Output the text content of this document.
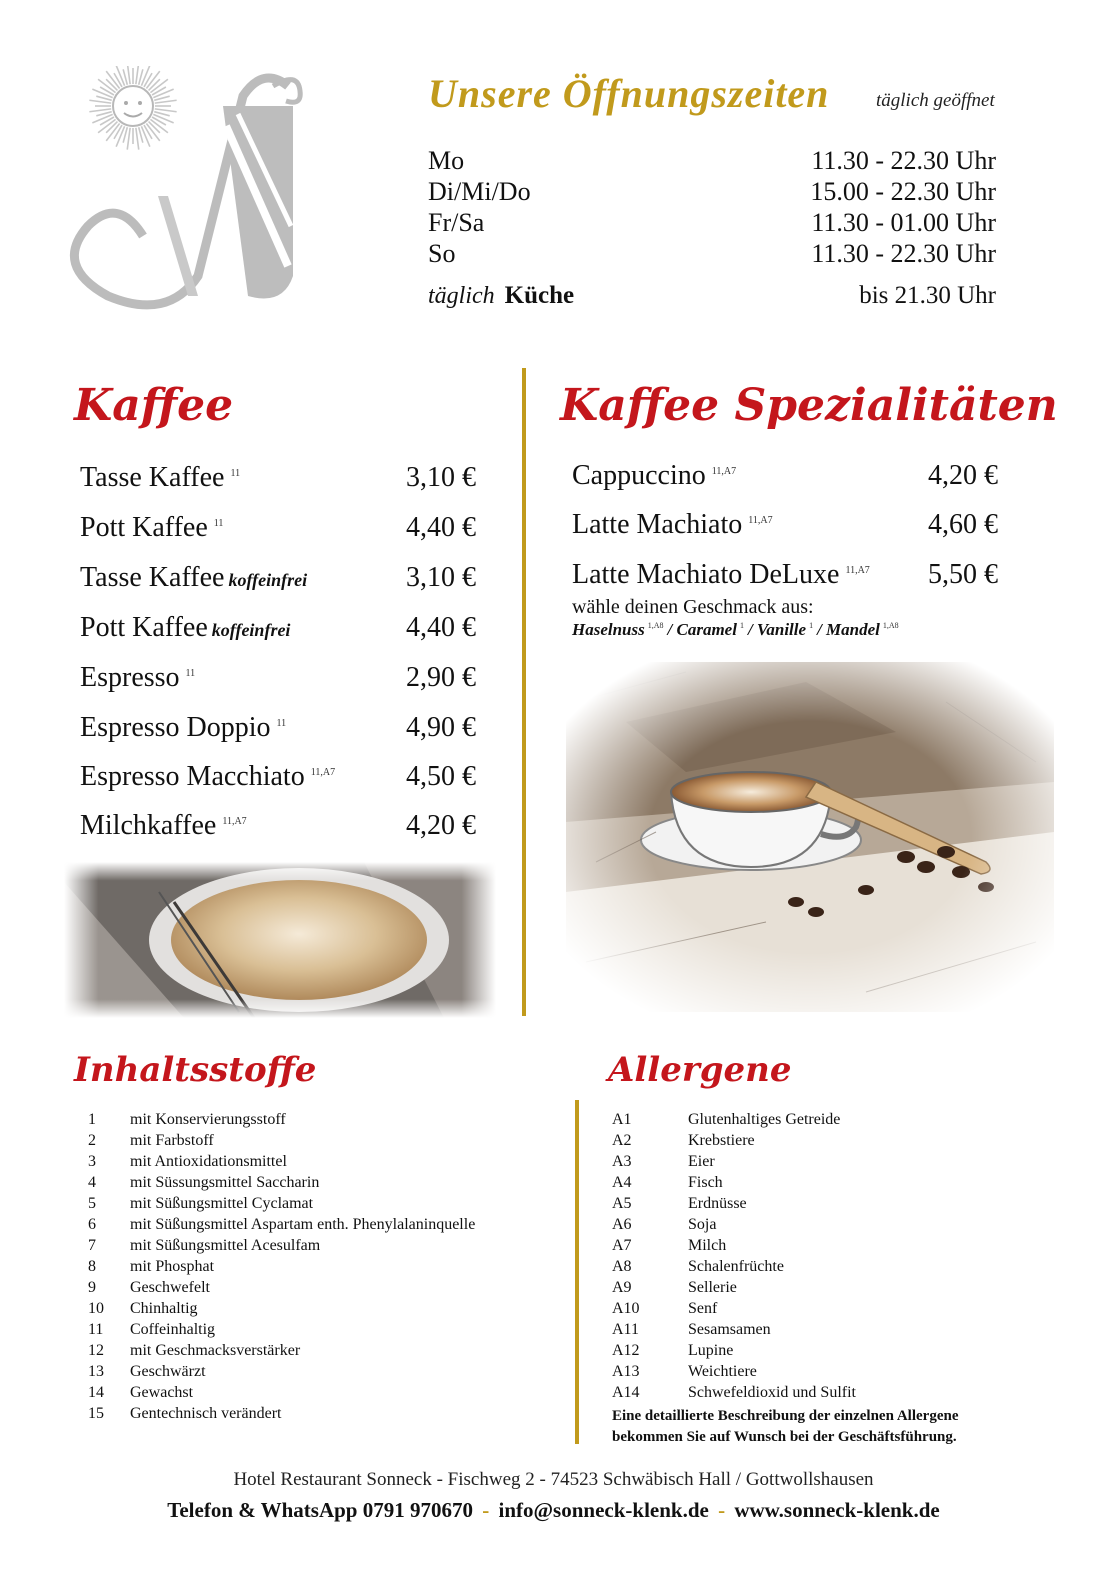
Unsere Öffnungszeiten täglich geöffnet
Mo	11.30 - 22.30 Uhr
Di/Mi/Do	15.00 - 22.30 Uhr
Fr/Sa	11.30 - 01.00 Uhr
So	11.30 - 22.30 Uhr
täglich Küche	bis 21.30 Uhr
Kaffee	Kaffee Spezialitäten
Tasse Kaffee $^{11}$	3,10 €
Pott Kaffee $^{11}$	4,40 €
Tasse Kaffee koffeinfrei	3,10 €
Pott Kaffee koffeinfrei	4,40 €
Espresso $^{11}$	2,90 €
Espresso Doppio $^{11}$	4,90 €
Espresso Macchiato $^{11,A7}$	4,50 €
Milchkaffee $^{11,A7}$	4,20 €
Cappuccino $^{11,A7}$	4,20 €
Latte Machiato $^{11,A7}$	4,60 €
Latte Machiato DeLuxe $^{11,A7}$ 5,50 €
wähle deinen Geschmack aus:
Haselnuss $^{1,A8}$ / Caramel $^1$ / Vanille $^1$ / Mandel $^{1,A8}$
Inhaltsstoffe	Allergene
1 mit Konservierungsstoff
2 mit Farbstoff
3 mit Antioxidationsmittel
4 mit Süssungsmittel Saccharin
5 mit Süßungsmittel Cyclamat
6 mit Süßungsmittel Aspartam enth. Phenylalaninquelle
7 mit Süßungsmittel Acesulfam
8 mit Phosphat
9 Geschwefelt
10 Chinhaltig
11 Coffeinhaltig
12 mit Geschmacksverstärker
13 Geschwärzt
14 Gewachst
15 Gentechnisch verändert
A1	Glutenhaltiges Getreide
A2	Krebstiere
A3	Eier
A4	Fisch
A5	Erdnüsse
A6	Soja
A7	Milch
A8	Schalenfrüchte
A9	Sellerie
A10	Senf
A11	Sesamsamen
A12	Lupine
A13	Weichtiere
A14	Schwefeldioxid und Sulfit
Eine detaillierte Beschreibung der einzelnen Allergene bekommen Sie auf Wunsch bei der Geschäftsführung.
Hotel Restaurant Sonneck - Fischweg 2 - 74523 Schwäbisch Hall / Gottwollshausen
Telefon & WhatsApp 0791 970670 - info@sonneck-klenk.de - www.sonneck-klenk.de
